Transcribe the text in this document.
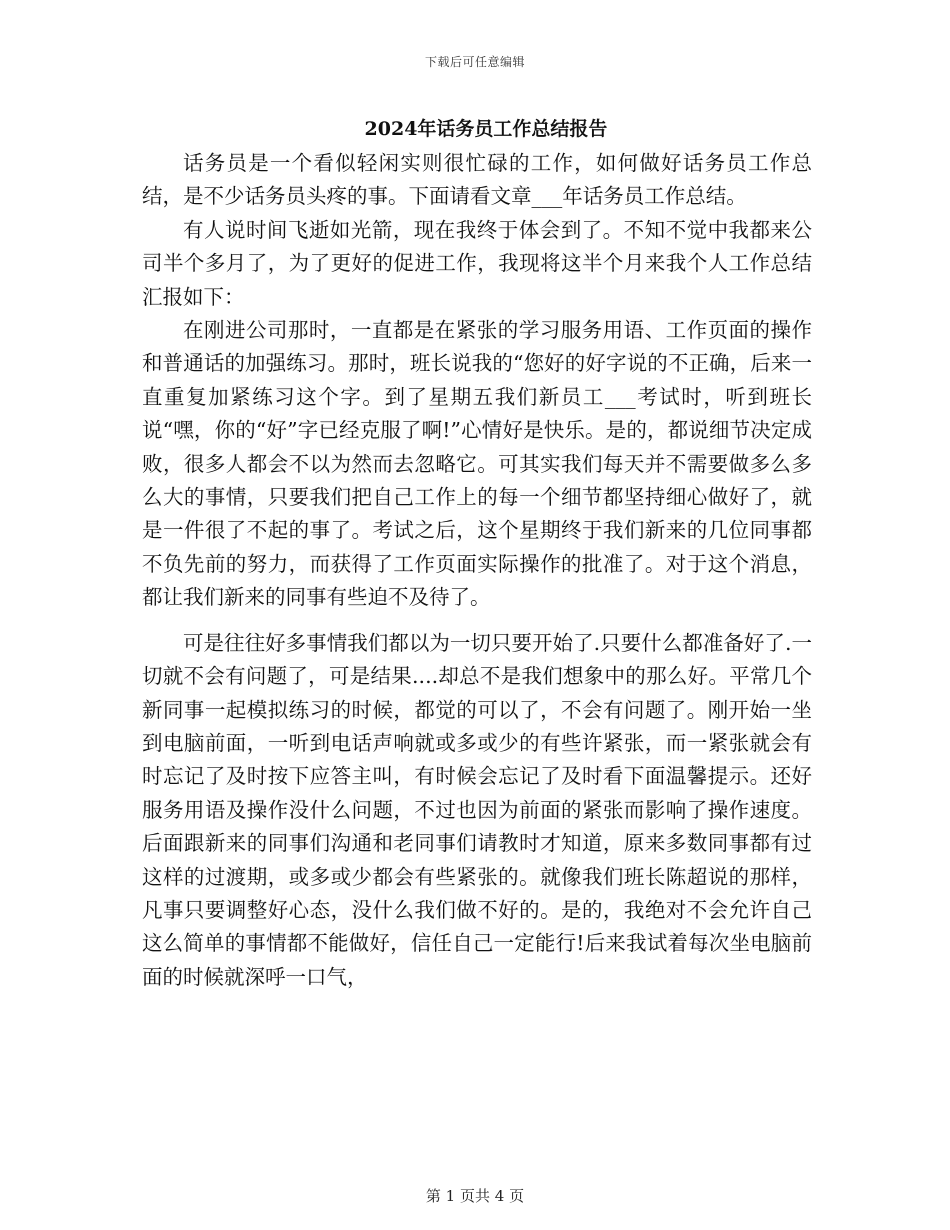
下载后可任意编辑
2024年话务员工作总结报告

话务员是一个看似轻闲实则很忙碌的工作，如何做好话务员工作总结，是不少话务员头疼的事。下面请看文章___年话务员工作总结。

有人说时间飞逝如光箭，现在我终于体会到了。不知不觉中我都来公司半个多月了，为了更好的促进工作，我现将这半个月来我个人工作总结汇报如下：

在刚进公司那时，一直都是在紧张的学习服务用语、工作页面的操作和普通话的加强练习。那时，班长说我的“您好的好字说的不正确，后来一直重复加紧练习这个字。到了星期五我们新员工___考试时，听到班长说“嘿，你的“好”字已经克服了啊!”心情好是快乐。是的，都说细节决定成败，很多人都会不以为然而去忽略它。可其实我们每天并不需要做多么多么大的事情，只要我们把自己工作上的每一个细节都坚持细心做好了，就是一件很了不起的事了。考试之后，这个星期终于我们新来的几位同事都不负先前的努力，而获得了工作页面实际操作的批准了。对于这个消息，都让我们新来的同事有些迫不及待了。

可是往往好多事情我们都以为一切只要开始了.只要什么都准备好了.一切就不会有问题了，可是结果....却总不是我们想象中的那么好。平常几个新同事一起模拟练习的时候，都觉的可以了，不会有问题了。刚开始一坐到电脑前面，一听到电话声响就或多或少的有些许紧张，而一紧张就会有时忘记了及时按下应答主叫，有时候会忘记了及时看下面温馨提示。还好服务用语及操作没什么问题，不过也因为前面的紧张而影响了操作速度。后面跟新来的同事们沟通和老同事们请教时才知道，原来多数同事都有过这样的过渡期，或多或少都会有些紧张的。就像我们班长陈超说的那样，凡事只要调整好心态，没什么我们做不好的。是的，我绝对不会允许自己这么简单的事情都不能做好，信任自己一定能行!后来我试着每次坐电脑前面的时候就深呼一口气，

第 1 页共 4 页
